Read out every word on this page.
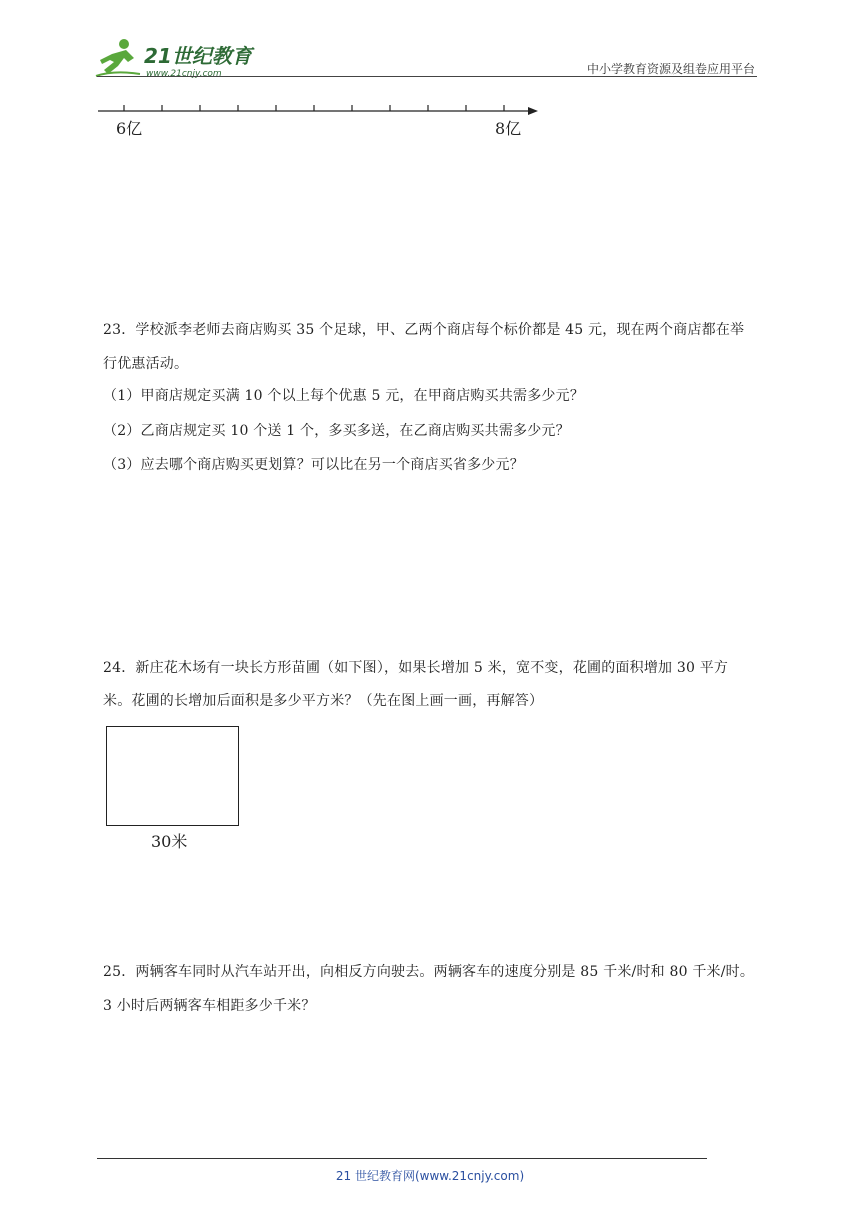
21世纪教育
www.21cnjy.com	中小学教育资源及组卷应用平台
6亿	8亿
23．学校派李老师去商店购买 35 个足球，甲、乙两个商店每个标价都是 45 元，现在两个商店都在举
行优惠活动。
（1）甲商店规定买满 10 个以上每个优惠 5 元，在甲商店购买共需多少元？
（2）乙商店规定买 10 个送 1 个，多买多送，在乙商店购买共需多少元？
（3）应去哪个商店购买更划算？可以比在另一个商店买省多少元？
24．新庄花木场有一块长方形苗圃（如下图），如果长增加 5 米，宽不变，花圃的面积增加 30 平方
米。花圃的长增加后面积是多少平方米？（先在图上画一画，再解答）
30米
25．两辆客车同时从汽车站开出，向相反方向驶去。两辆客车的速度分别是 85 千米/时和 80 千米/时。
3 小时后两辆客车相距多少千米？
21 世纪教育网(www.21cnjy.com)
